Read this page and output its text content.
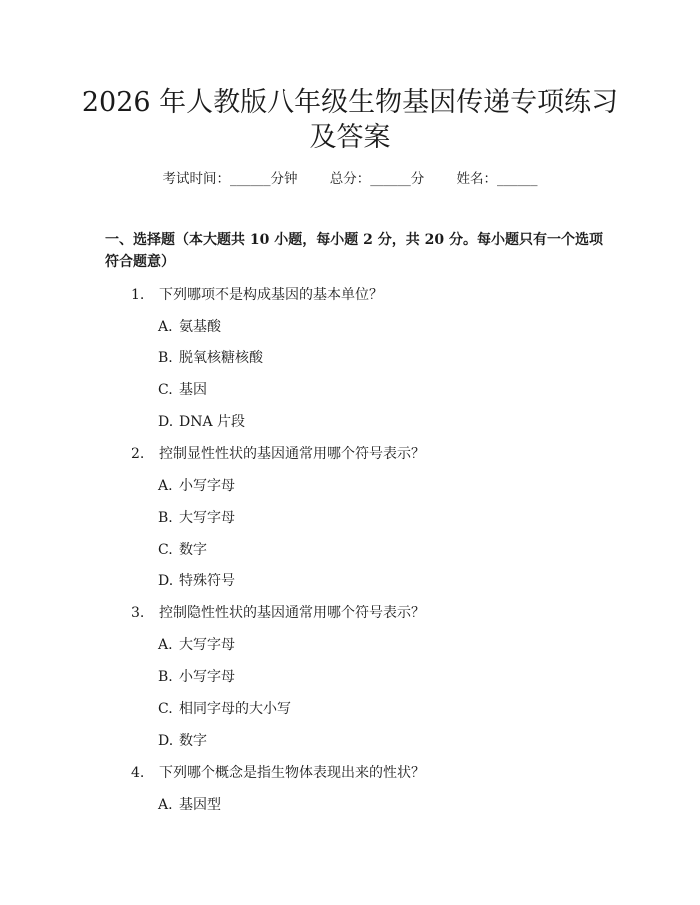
2026 年人教版八年级生物基因传递专项练习
及答案
考试时间：______分钟 总分：______分 姓名：______
一、选择题（本大题共 10 小题，每小题 2 分，共 20 分。每小题只有一个选项符合题意）
1. 下列哪项不是构成基因的基本单位？
A. 氨基酸
B. 脱氧核糖核酸
C. 基因
D. DNA 片段
2. 控制显性性状的基因通常用哪个符号表示？
A. 小写字母
B. 大写字母
C. 数字
D. 特殊符号
3. 控制隐性性状的基因通常用哪个符号表示？
A. 大写字母
B. 小写字母
C. 相同字母的大小写
D. 数字
4. 下列哪个概念是指生物体表现出来的性状？
A. 基因型
